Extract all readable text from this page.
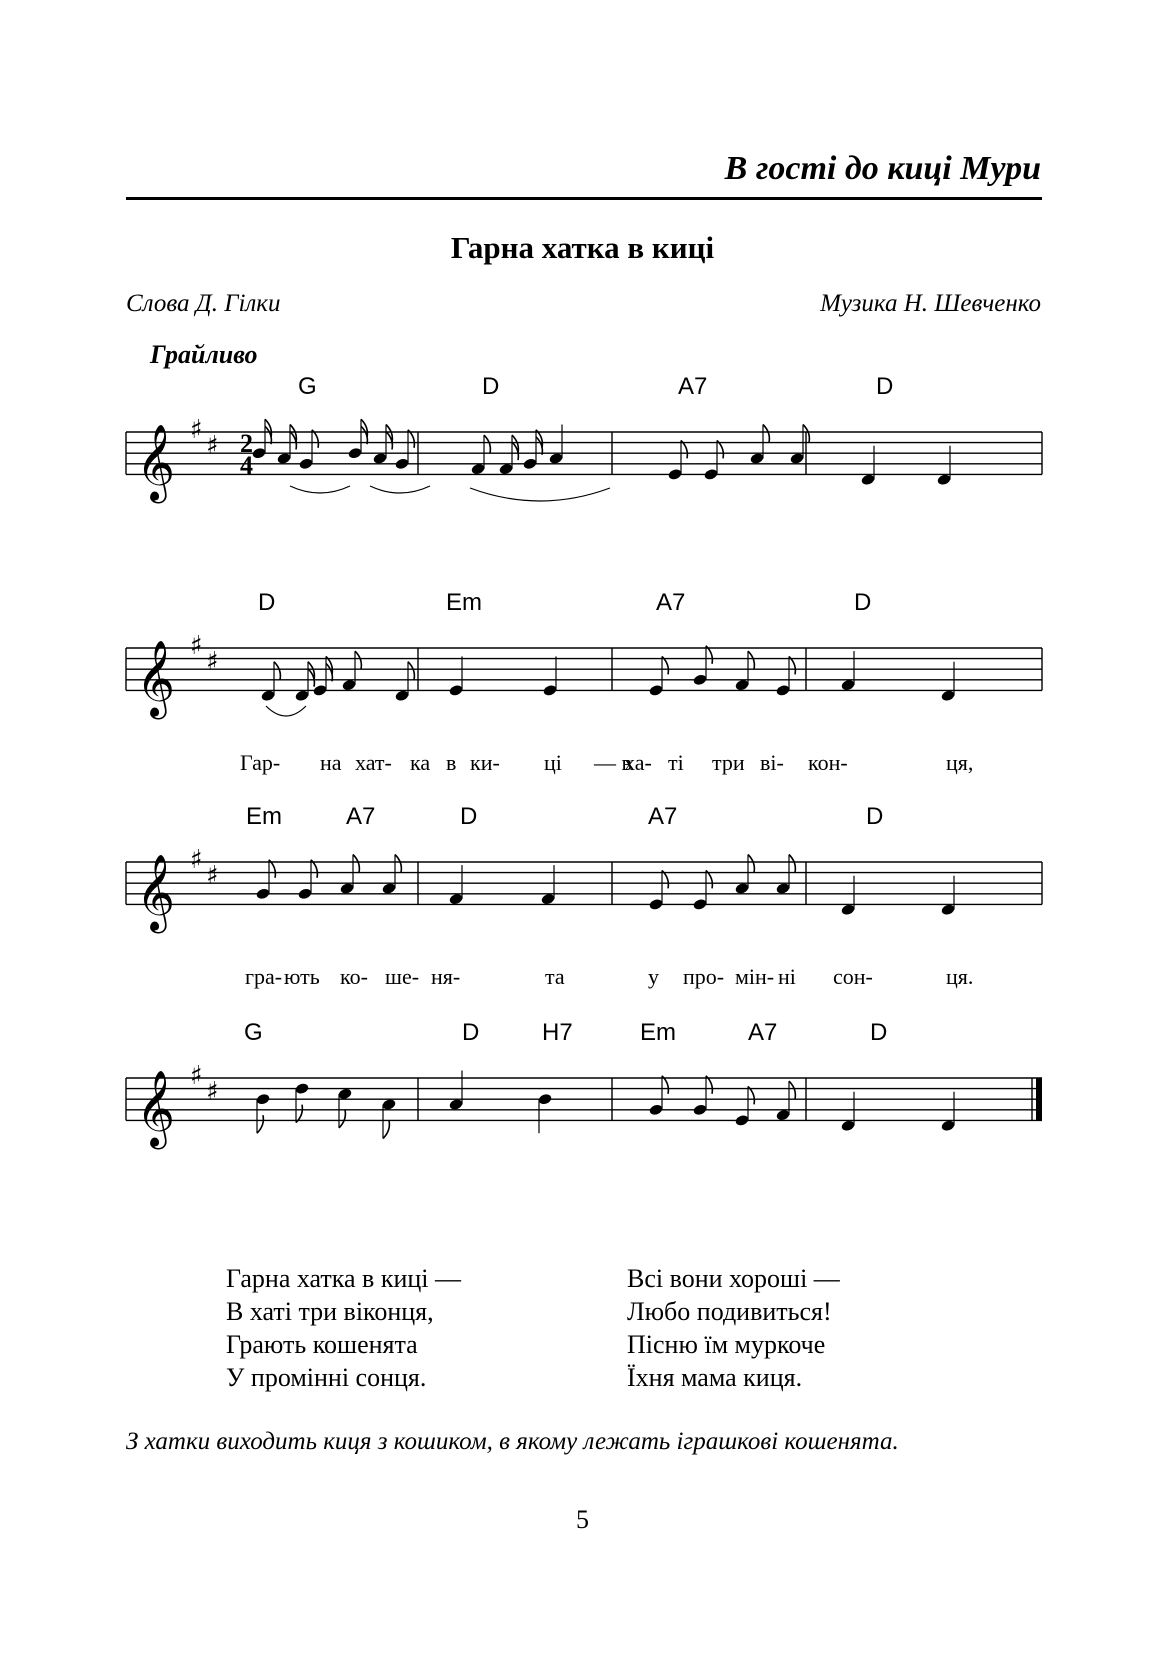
В гості до киці Мури
Гарна хатка в киці
Слова Д. Гілки	Музика Н. Шевченко
Грайливо
𝄞 ♯
♯ 2
4
G	D	A7	D
𝄞 ♯
♯
D	Em	A7	D
Гар- на хат- ка в ки- ці — в
ха- ті три ві- кон-	ця,
𝄞 ♯
♯
Em	A7	D	A7	D
гра- ють ко- ше- ня-	та	у про- мін- ні сон-	ця.
𝄞 ♯
♯
G	D	H7	Em	A7	D
Гарна хатка в киці —
В хаті три віконця,
Грають кошенята
У промінні сонця.
Всі вони хороші —
Любо подивиться!
Пісню їм муркоче
Їхня мама киця.
З хатки виходить киця з кошиком, в якому лежать іграшкові кошенята.
5
